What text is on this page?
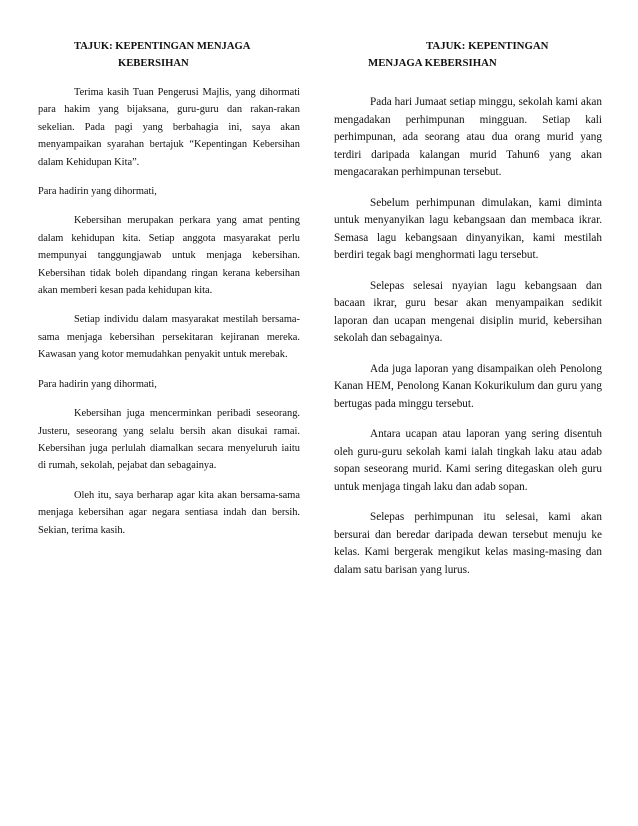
TAJUK: KEPENTINGAN MENJAGA
KEBERSIHAN

Terima kasih Tuan Pengerusi Majlis, yang dihormati para hakim yang bijaksana, guru-guru dan rakan-rakan sekelian. Pada pagi yang berbahagia ini, saya akan menyampaikan syarahan bertajuk “Kepentingan Kebersihan dalam Kehidupan Kita”.

Para hadirin yang dihormati,

Kebersihan merupakan perkara yang amat penting dalam kehidupan kita. Setiap anggota masyarakat perlu mempunyai tanggungjawab untuk menjaga kebersihan. Kebersihan tidak boleh dipandang ringan kerana kebersihan akan memberi kesan pada kehidupan kita.

Setiap individu dalam masyarakat mestilah bersama-sama menjaga kebersihan persekitaran kejiranan mereka. Kawasan yang kotor memudahkan penyakit untuk merebak.

Para hadirin yang dihormati,

Kebersihan juga mencerminkan peribadi seseorang. Justeru, seseorang yang selalu bersih akan disukai ramai. Kebersihan juga perlulah diamalkan secara menyeluruh iaitu di rumah, sekolah, pejabat dan sebagainya.

Oleh itu, saya berharap agar kita akan bersama-sama menjaga kebersihan agar negara sentiasa indah dan bersih. Sekian, terima kasih.

TAJUK: KEPENTINGAN
MENJAGA KEBERSIHAN

Pada hari Jumaat setiap minggu, sekolah kami akan mengadakan perhimpunan mingguan. Setiap kali perhimpunan, ada seorang atau dua orang murid yang terdiri daripada kalangan murid Tahun6 yang akan mengacarakan perhimpunan tersebut.

Sebelum perhimpunan dimulakan, kami diminta untuk menyanyikan lagu kebangsaan dan membaca ikrar. Semasa lagu kebangsaan dinyanyikan, kami mestilah berdiri tegak bagi menghormati lagu tersebut.

Selepas selesai nyayian lagu kebangsaan dan bacaan ikrar, guru besar akan menyampaikan sedikit laporan dan ucapan mengenai disiplin murid, kebersihan sekolah dan sebagainya.

Ada juga laporan yang disampaikan oleh Penolong Kanan HEM, Penolong Kanan Kokurikulum dan guru yang bertugas pada minggu tersebut.

Antara ucapan atau laporan yang sering disentuh oleh guru-guru sekolah kami ialah tingkah laku atau adab sopan seseorang murid. Kami sering ditegaskan oleh guru untuk menjaga tingah laku dan adab sopan.

Selepas perhimpunan itu selesai, kami akan bersurai dan beredar daripada dewan tersebut menuju ke kelas. Kami bergerak mengikut kelas masing-masing dan dalam satu barisan yang lurus.
